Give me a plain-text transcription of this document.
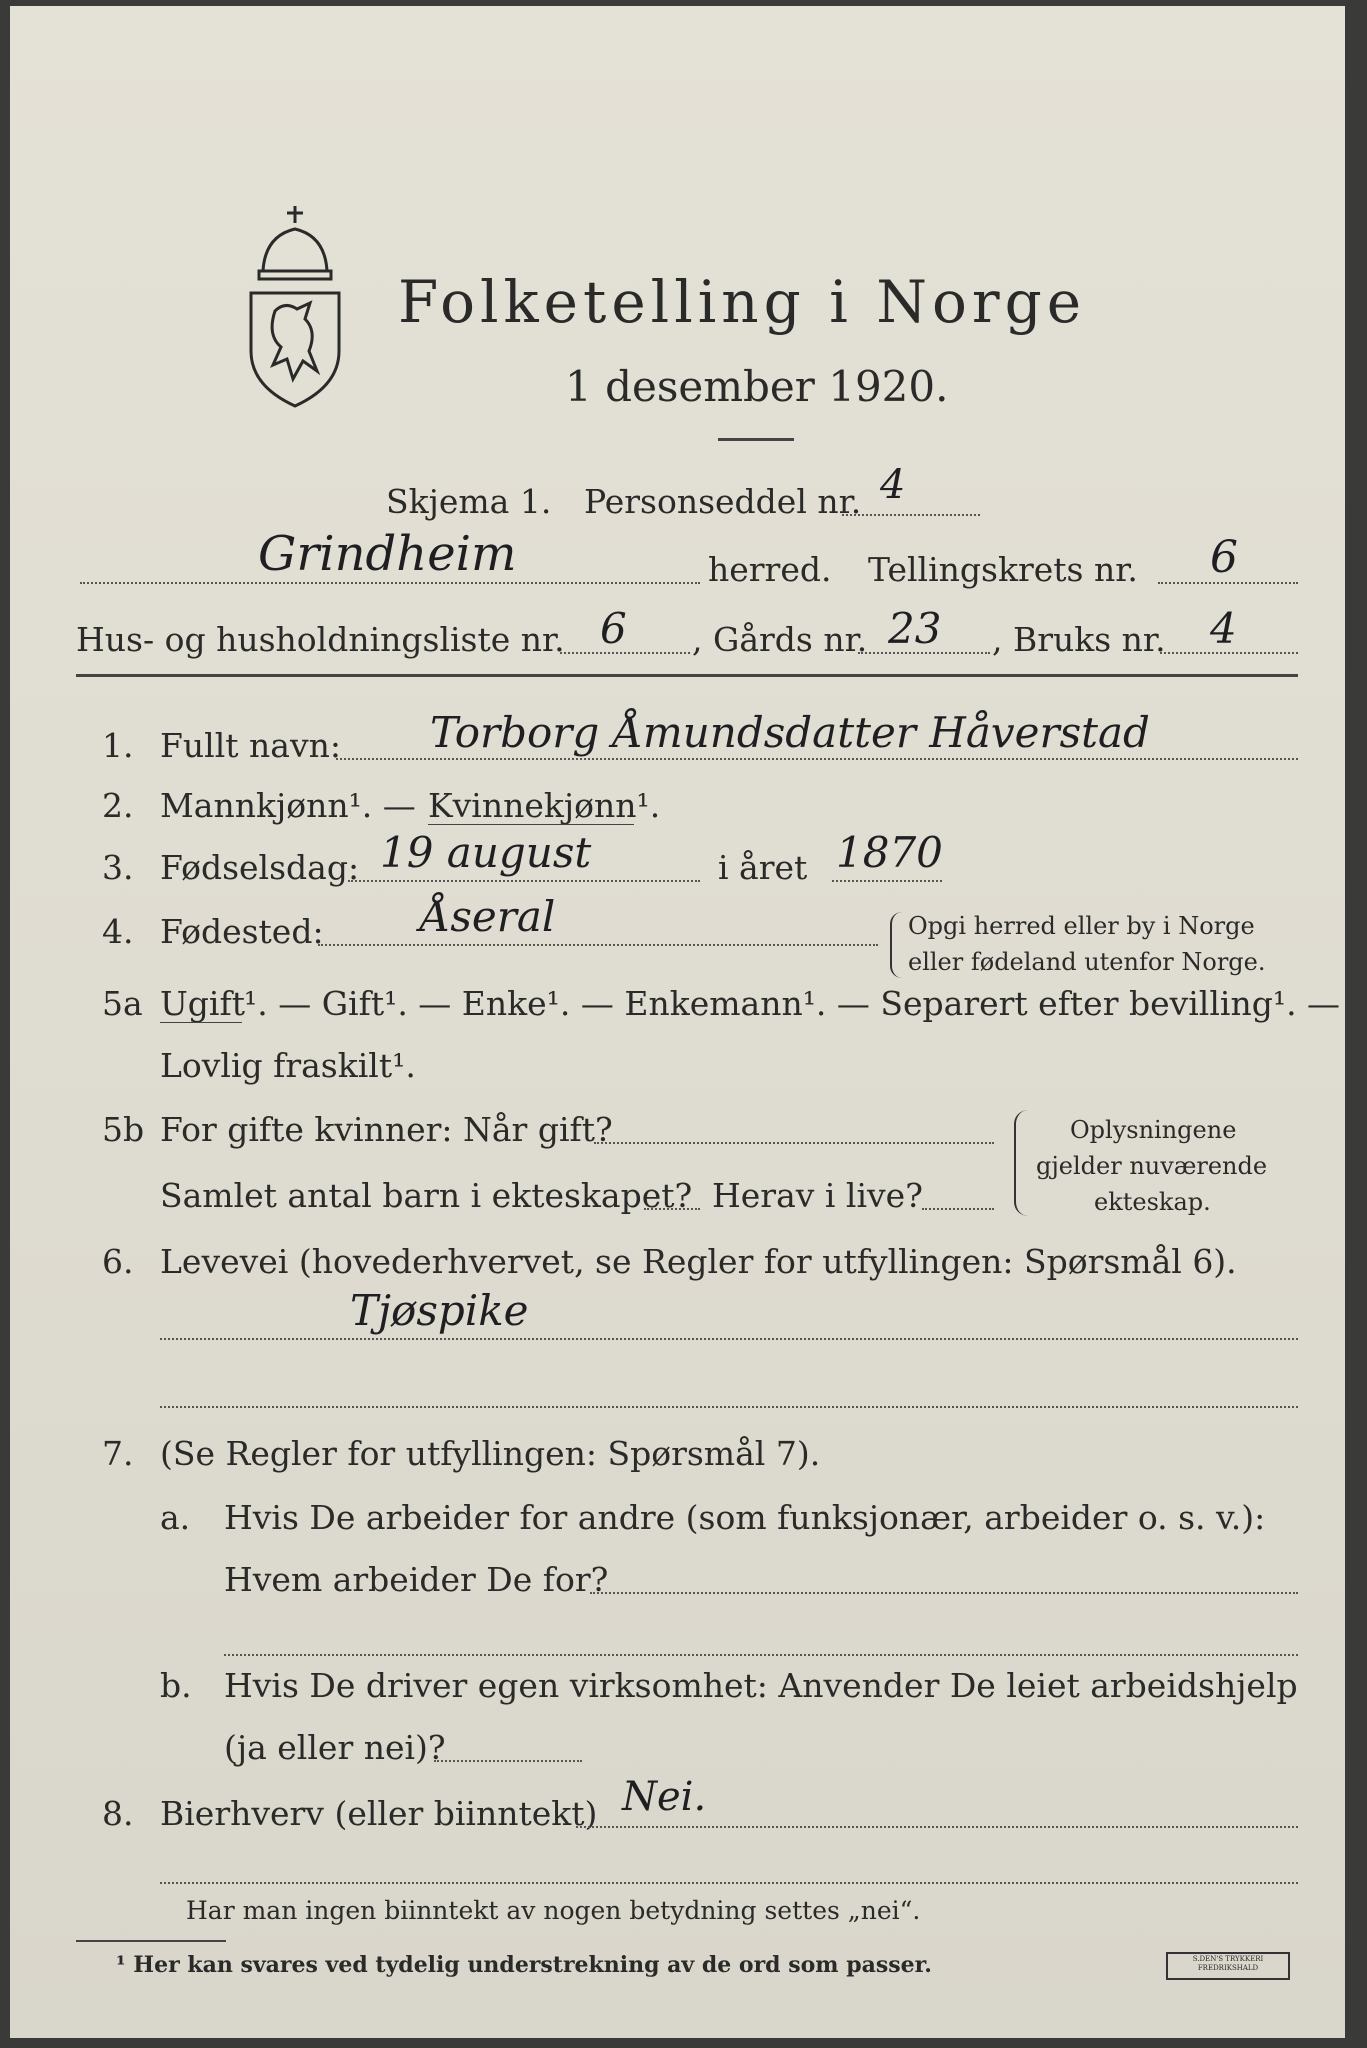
Folketelling i Norge
1 desember 1920.
Skjema 1. Personseddel nr. 4
Grindheim	herred. Tellingskrets nr. 6
Hus- og husholdningsliste nr. 6 , Gårds nr. 23 , Bruks nr. 4
1. Fullt navn: Torborg Åmundsdatter Håverstad
2. Mannkjønn¹. — Kvinnekjønn¹.
3. Fødselsdag: 19 august	i året 1870
4. Fødested: Åseral	Opgi herred eller by i Norge
eller fødeland utenfor Norge.
5a Ugift ¹. — Gift¹. — Enke¹. — Enkemann¹. — Separert efter bevilling¹. —
Lovlig fraskilt¹.
5b For gifte kvinner: Når gift?
Samlet antal barn i ekteskapet? Herav i live?
Oplysningene
gjelder nuværende
ekteskap.
6. Levevei (hovederhvervet, se Regler for utfyllingen: Spørsmål 6).
Tjøspike
7. (Se Regler for utfyllingen: Spørsmål 7).
a. Hvis De arbeider for andre (som funksjonær, arbeider o. s. v.):
Hvem arbeider De for?
b. Hvis De driver egen virksomhet: Anvender De leiet arbeidshjelp
(ja eller nei)?
8. Bierhverv (eller biinntekt) Nei.
Har man ingen biinntekt av nogen betydning settes „nei“.
¹ Her kan svares ved tydelig understrekning av de ord som passer.	S.DEN'S TRYKKERI FREDRIKSHALD
